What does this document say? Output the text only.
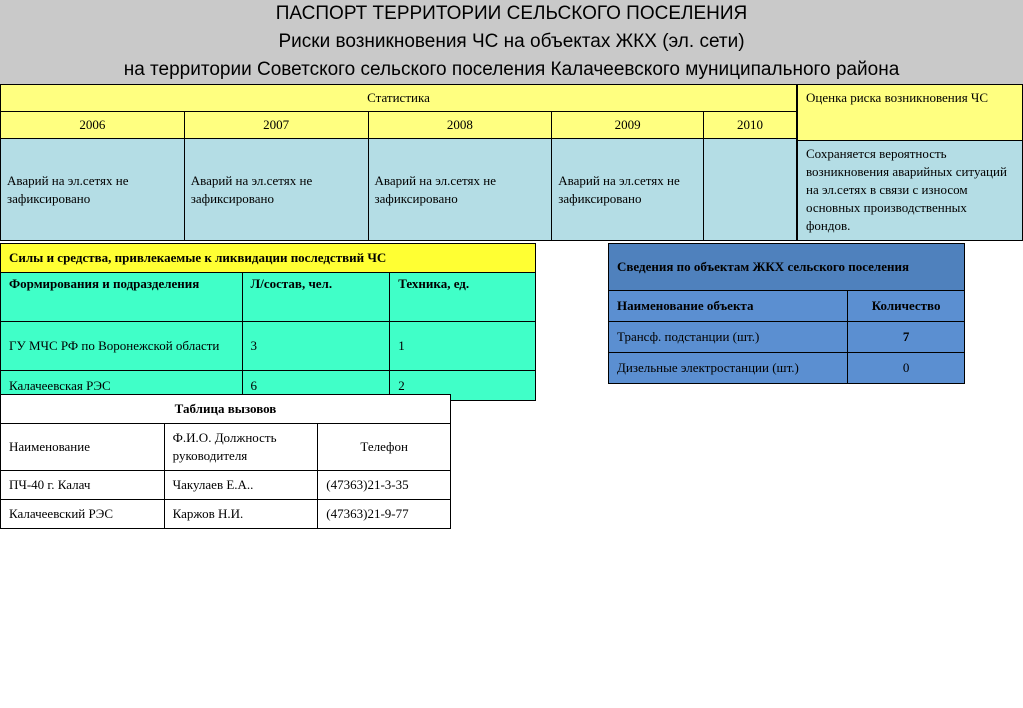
ПАСПОРТ ТЕРРИТОРИИ СЕЛЬСКОГО ПОСЕЛЕНИЯ
Риски возникновения ЧС на объектах ЖКХ (эл. сети)
на территории Советского сельского поселения Калачеевского муниципального района
Статистика				
2006	2007	2008	2009	2010
Аварий на эл.сетях не зафиксировано	Аварий на эл.сетях не зафиксировано	Аварий на эл.сетях не зафиксировано	Аварий на эл.сетях не зафиксировано	
Оценка риска возникновения ЧС
Сохраняется вероятность возникновения аварийных ситуаций на эл.сетях в связи с износом основных производственных фондов.
Силы и средства, привлекаемые к ликвидации последствий ЧС		
Формирования и подразделения	Л/состав, чел.	Техника, ед.
ГУ МЧС РФ по Воронежской области	3	1
Калачеевская РЭС	6	2
Сведения по объектам ЖКХ сельского поселения	
Наименование объекта	Количество
Трансф. подстанции (шт.)	7
Дизельные электростанции (шт.)	0
Таблица вызовов		
Наименование	Ф.И.О. Должность руководителя	Телефон
ПЧ-40 г. Калач	Чакулаев Е.А..	(47363)21-3-35
Калачеевский РЭС	Каржов Н.И.	(47363)21-9-77
